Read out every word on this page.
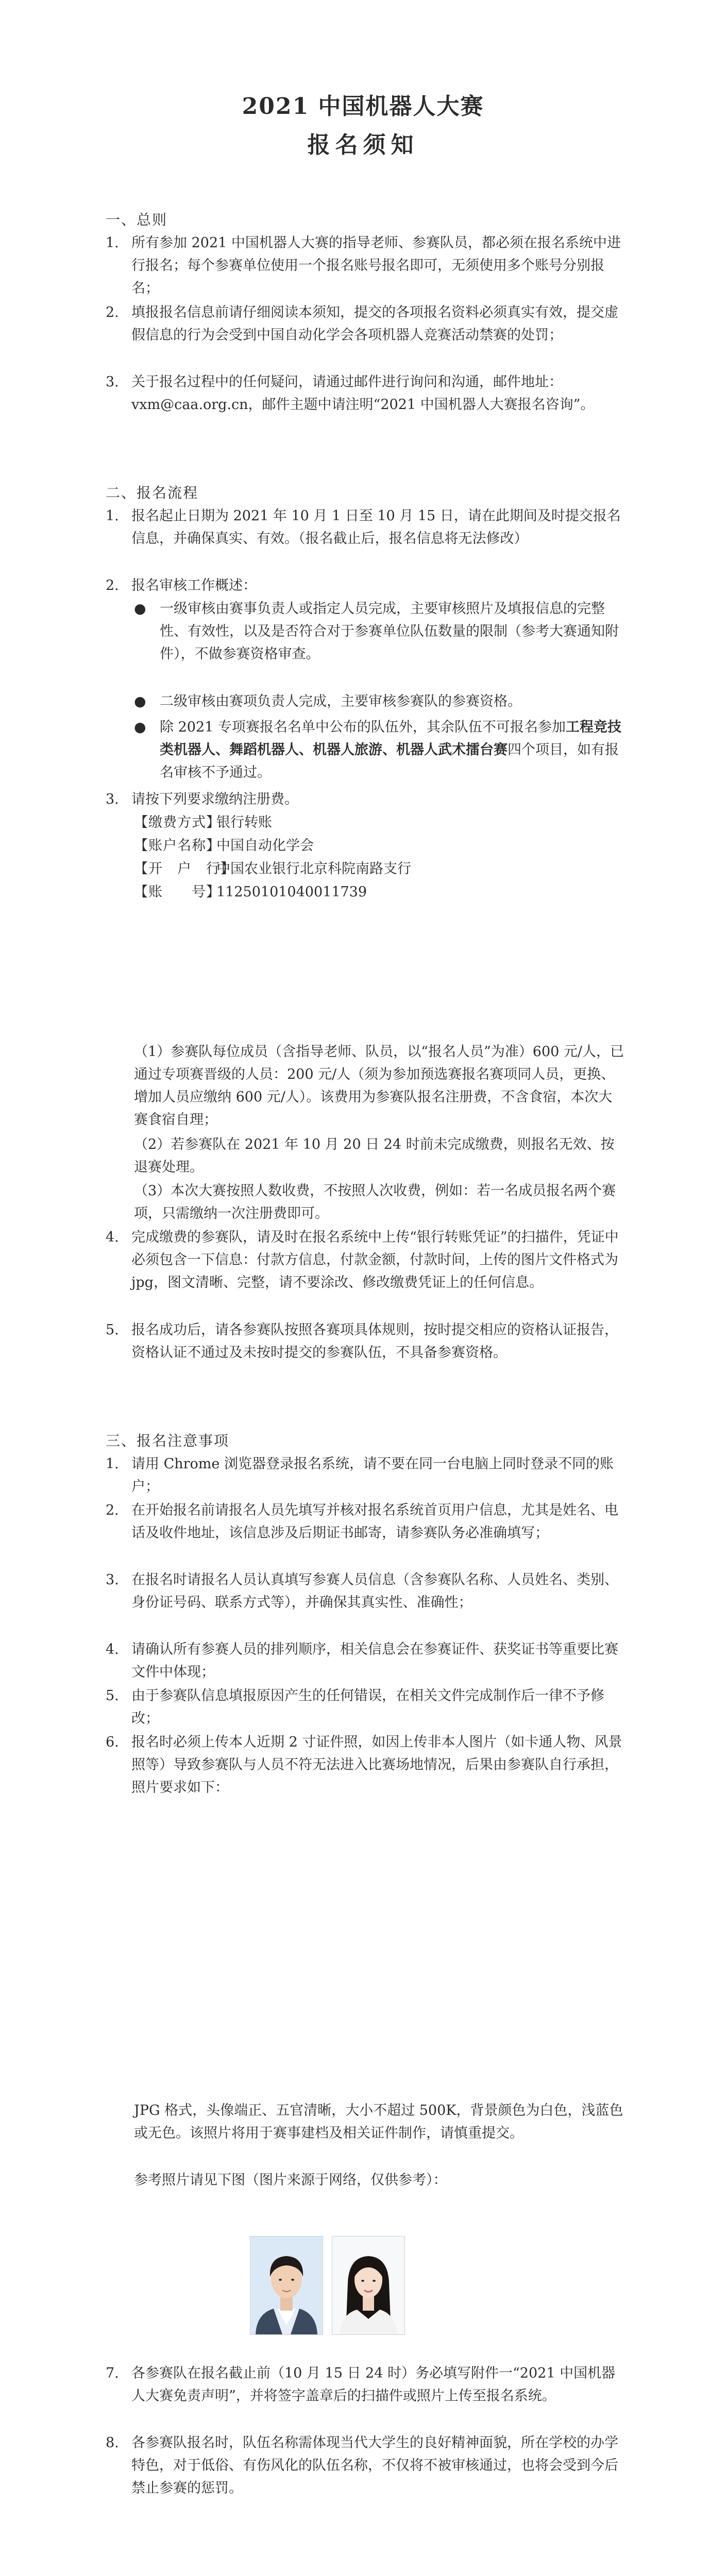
2021 中国机器人大赛
报名须知
一、总则
1. 所有参加 2021 中国机器人大赛的指导老师、参赛队员，都必须在报名系统中进行报名；每个参赛单位使用一个报名账号报名即可，无须使用多个账号分别报名；
2. 填报报名信息前请仔细阅读本须知，提交的各项报名资料必须真实有效，提交虚假信息的行为会受到中国自动化学会各项机器人竞赛活动禁赛的处罚；
3. 关于报名过程中的任何疑问，请通过邮件进行询问和沟通，邮件地址：vxm@caa.org.cn，邮件主题中请注明“2021 中国机器人大赛报名咨询”。
二、报名流程
1. 报名起止日期为 2021 年 10 月 1 日至 10 月 15 日，请在此期间及时提交报名信息，并确保真实、有效。（报名截止后，报名信息将无法修改）
2. 报名审核工作概述：
● 一级审核由赛事负责人或指定人员完成，主要审核照片及填报信息的完整性、有效性，以及是否符合对于参赛单位队伍数量的限制（参考大赛通知附件），不做参赛资格审查。
● 二级审核由赛项负责人完成，主要审核参赛队的参赛资格。
● 除 2021 专项赛报名名单中公布的队伍外，其余队伍不可报名参加工程竞技类机器人、舞蹈机器人、机器人旅游、机器人武术擂台赛四个项目，如有报名审核不予通过。
3. 请按下列要求缴纳注册费。
【缴费方式】银行转账
【账户名称】中国自动化学会
【开　户　行】中国农业银行北京科院南路支行
【账　　号】11250101040011739
（1）参赛队每位成员（含指导老师、队员，以“报名人员”为准）600 元/人，已通过专项赛晋级的人员：200 元/人（须为参加预选赛报名赛项同人员，更换、增加人员应缴纳 600 元/人）。该费用为参赛队报名注册费，不含食宿，本次大赛食宿自理；
（2）若参赛队在 2021 年 10 月 20 日 24 时前未完成缴费，则报名无效、按退赛处理。
（3）本次大赛按照人数收费，不按照人次收费，例如：若一名成员报名两个赛项，只需缴纳一次注册费即可。
4. 完成缴费的参赛队，请及时在报名系统中上传“银行转账凭证”的扫描件，凭证中必须包含一下信息：付款方信息，付款金额，付款时间，上传的图片文件格式为 jpg，图文清晰、完整，请不要涂改、修改缴费凭证上的任何信息。
5. 报名成功后，请各参赛队按照各赛项具体规则，按时提交相应的资格认证报告，资格认证不通过及未按时提交的参赛队伍，不具备参赛资格。
三、报名注意事项
1. 请用 Chrome 浏览器登录报名系统，请不要在同一台电脑上同时登录不同的账户；
2. 在开始报名前请报名人员先填写并核对报名系统首页用户信息，尤其是姓名、电话及收件地址，该信息涉及后期证书邮寄，请参赛队务必准确填写；
3. 在报名时请报名人员认真填写参赛人员信息（含参赛队名称、人员姓名、类别、身份证号码、联系方式等），并确保其真实性、准确性；
4. 请确认所有参赛人员的排列顺序，相关信息会在参赛证件、获奖证书等重要比赛文件中体现；
5. 由于参赛队信息填报原因产生的任何错误，在相关文件完成制作后一律不予修改；
6. 报名时必须上传本人近期 2 寸证件照，如因上传非本人图片（如卡通人物、风景照等）导致参赛队与人员不符无法进入比赛场地情况，后果由参赛队自行承担，照片要求如下：
JPG 格式，头像端正、五官清晰，大小不超过 500K，背景颜色为白色，浅蓝色或无色。该照片将用于赛事建档及相关证件制作，请慎重提交。
参考照片请见下图（图片来源于网络，仅供参考）：
7. 各参赛队在报名截止前（10 月 15 日 24 时）务必填写附件一“2021 中国机器人大赛免责声明”，并将签字盖章后的扫描件或照片上传至报名系统。
8. 各参赛队报名时，队伍名称需体现当代大学生的良好精神面貌，所在学校的办学特色，对于低俗、有伤风化的队伍名称，不仅将不被审核通过，也将会受到今后禁止参赛的惩罚。
